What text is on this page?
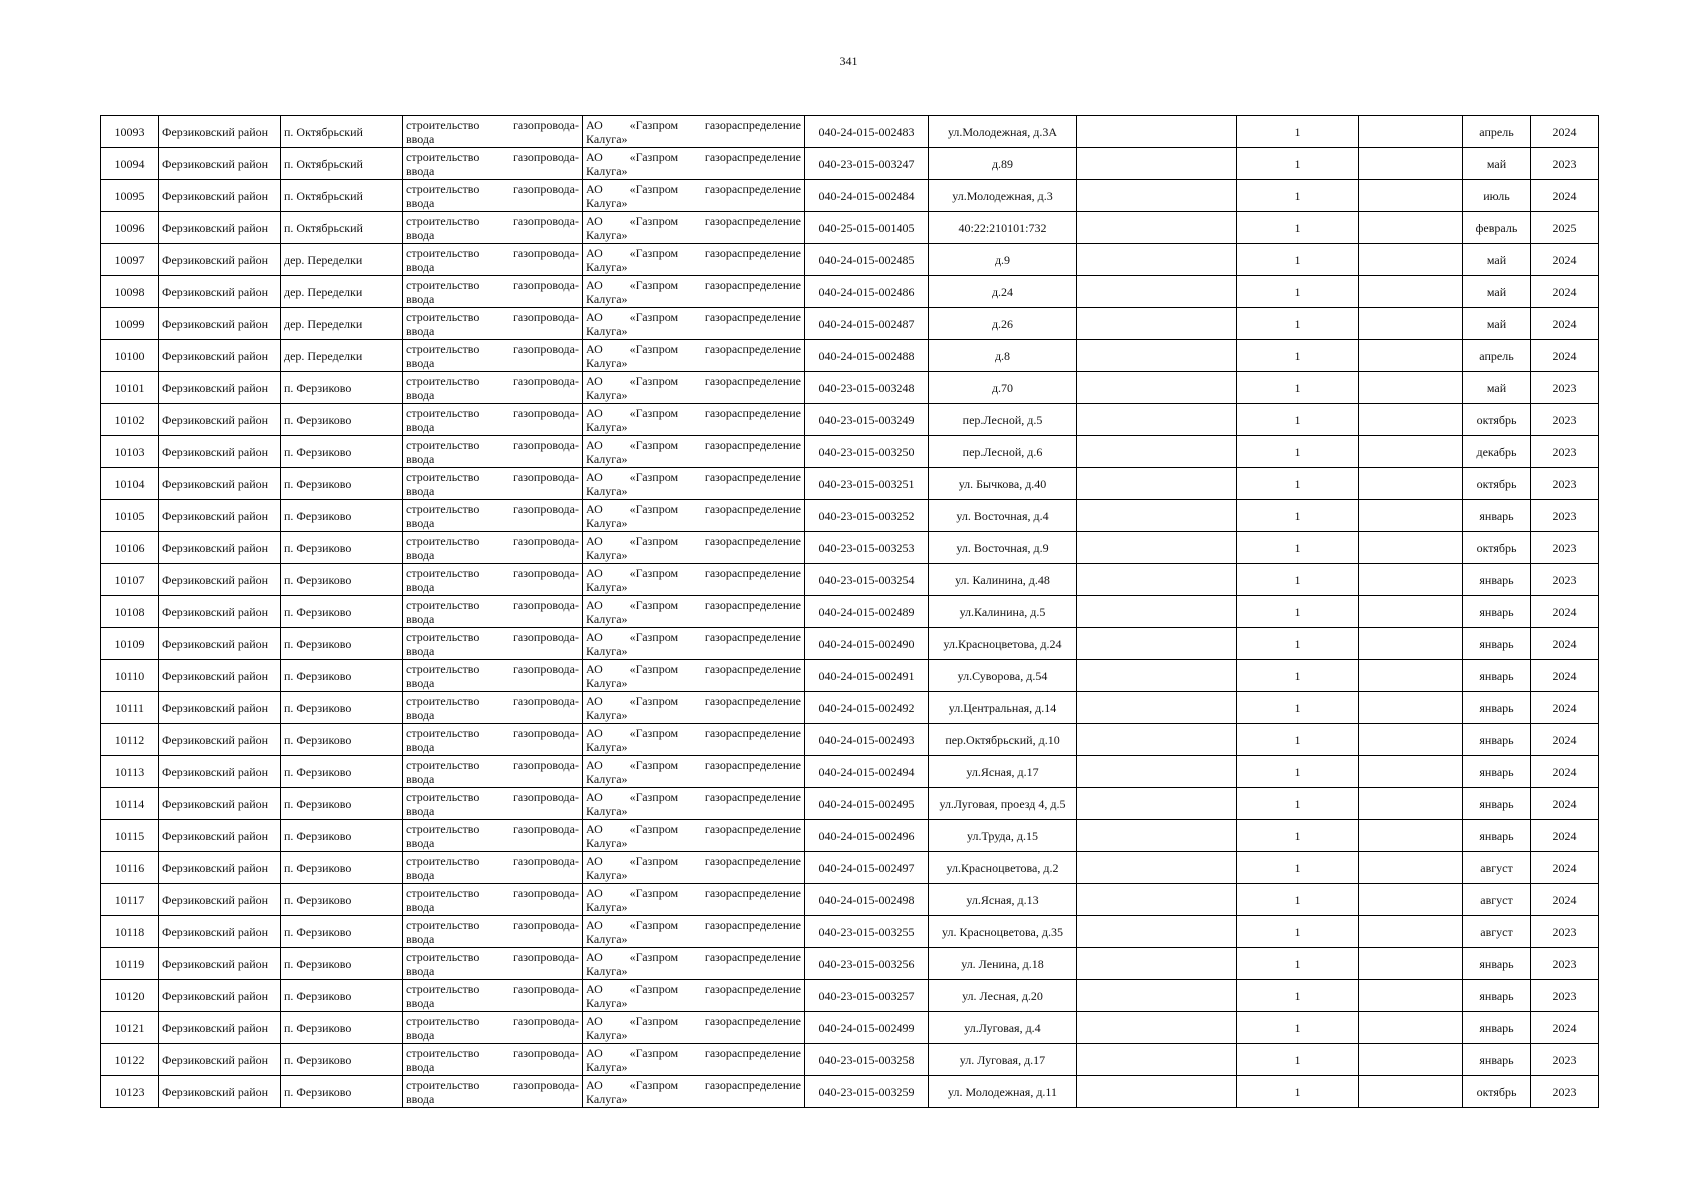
341
10093	Ферзиковский район	п. Октябрьский	строительство газопровода-
ввода	АО «Газпром газораспределение
Калуга»	040-24-015-002483	ул.Молодежная, д.3А		1		апрель	2024
10094	Ферзиковский район	п. Октябрьский	строительство газопровода-
ввода	АО «Газпром газораспределение
Калуга»	040-23-015-003247	д.89		1		май	2023
10095	Ферзиковский район	п. Октябрьский	строительство газопровода-
ввода	АО «Газпром газораспределение
Калуга»	040-24-015-002484	ул.Молодежная, д.3		1		июль	2024
10096	Ферзиковский район	п. Октябрьский	строительство газопровода-
ввода	АО «Газпром газораспределение
Калуга»	040-25-015-001405	40:22:210101:732		1		февраль	2025
10097	Ферзиковский район	дер. Переделки	строительство газопровода-
ввода	АО «Газпром газораспределение
Калуга»	040-24-015-002485	д.9		1		май	2024
10098	Ферзиковский район	дер. Переделки	строительство газопровода-
ввода	АО «Газпром газораспределение
Калуга»	040-24-015-002486	д.24		1		май	2024
10099	Ферзиковский район	дер. Переделки	строительство газопровода-
ввода	АО «Газпром газораспределение
Калуга»	040-24-015-002487	д.26		1		май	2024
10100	Ферзиковский район	дер. Переделки	строительство газопровода-
ввода	АО «Газпром газораспределение
Калуга»	040-24-015-002488	д.8		1		апрель	2024
10101	Ферзиковский район	п. Ферзиково	строительство газопровода-
ввода	АО «Газпром газораспределение
Калуга»	040-23-015-003248	д.70		1		май	2023
10102	Ферзиковский район	п. Ферзиково	строительство газопровода-
ввода	АО «Газпром газораспределение
Калуга»	040-23-015-003249	пер.Лесной, д.5		1		октябрь	2023
10103	Ферзиковский район	п. Ферзиково	строительство газопровода-
ввода	АО «Газпром газораспределение
Калуга»	040-23-015-003250	пер.Лесной, д.6		1		декабрь	2023
10104	Ферзиковский район	п. Ферзиково	строительство газопровода-
ввода	АО «Газпром газораспределение
Калуга»	040-23-015-003251	ул. Бычкова, д.40		1		октябрь	2023
10105	Ферзиковский район	п. Ферзиково	строительство газопровода-
ввода	АО «Газпром газораспределение
Калуга»	040-23-015-003252	ул. Восточная, д.4		1		январь	2023
10106	Ферзиковский район	п. Ферзиково	строительство газопровода-
ввода	АО «Газпром газораспределение
Калуга»	040-23-015-003253	ул. Восточная, д.9		1		октябрь	2023
10107	Ферзиковский район	п. Ферзиково	строительство газопровода-
ввода	АО «Газпром газораспределение
Калуга»	040-23-015-003254	ул. Калинина, д.48		1		январь	2023
10108	Ферзиковский район	п. Ферзиково	строительство газопровода-
ввода	АО «Газпром газораспределение
Калуга»	040-24-015-002489	ул.Калинина, д.5		1		январь	2024
10109	Ферзиковский район	п. Ферзиково	строительство газопровода-
ввода	АО «Газпром газораспределение
Калуга»	040-24-015-002490	ул.Красноцветова, д.24		1		январь	2024
10110	Ферзиковский район	п. Ферзиково	строительство газопровода-
ввода	АО «Газпром газораспределение
Калуга»	040-24-015-002491	ул.Суворова, д.54		1		январь	2024
10111	Ферзиковский район	п. Ферзиково	строительство газопровода-
ввода	АО «Газпром газораспределение
Калуга»	040-24-015-002492	ул.Центральная, д.14		1		январь	2024
10112	Ферзиковский район	п. Ферзиково	строительство газопровода-
ввода	АО «Газпром газораспределение
Калуга»	040-24-015-002493	пер.Октябрьский, д.10		1		январь	2024
10113	Ферзиковский район	п. Ферзиково	строительство газопровода-
ввода	АО «Газпром газораспределение
Калуга»	040-24-015-002494	ул.Ясная, д.17		1		январь	2024
10114	Ферзиковский район	п. Ферзиково	строительство газопровода-
ввода	АО «Газпром газораспределение
Калуга»	040-24-015-002495	ул.Луговая, проезд 4, д.5		1		январь	2024
10115	Ферзиковский район	п. Ферзиково	строительство газопровода-
ввода	АО «Газпром газораспределение
Калуга»	040-24-015-002496	ул.Труда, д.15		1		январь	2024
10116	Ферзиковский район	п. Ферзиково	строительство газопровода-
ввода	АО «Газпром газораспределение
Калуга»	040-24-015-002497	ул.Красноцветова, д.2		1		август	2024
10117	Ферзиковский район	п. Ферзиково	строительство газопровода-
ввода	АО «Газпром газораспределение
Калуга»	040-24-015-002498	ул.Ясная, д.13		1		август	2024
10118	Ферзиковский район	п. Ферзиково	строительство газопровода-
ввода	АО «Газпром газораспределение
Калуга»	040-23-015-003255	ул. Красноцветова, д.35		1		август	2023
10119	Ферзиковский район	п. Ферзиково	строительство газопровода-
ввода	АО «Газпром газораспределение
Калуга»	040-23-015-003256	ул. Ленина, д.18		1		январь	2023
10120	Ферзиковский район	п. Ферзиково	строительство газопровода-
ввода	АО «Газпром газораспределение
Калуга»	040-23-015-003257	ул. Лесная, д.20		1		январь	2023
10121	Ферзиковский район	п. Ферзиково	строительство газопровода-
ввода	АО «Газпром газораспределение
Калуга»	040-24-015-002499	ул.Луговая, д.4		1		январь	2024
10122	Ферзиковский район	п. Ферзиково	строительство газопровода-
ввода	АО «Газпром газораспределение
Калуга»	040-23-015-003258	ул. Луговая, д.17		1		январь	2023
10123	Ферзиковский район	п. Ферзиково	строительство газопровода-
ввода	АО «Газпром газораспределение
Калуга»	040-23-015-003259	ул. Молодежная, д.11		1		октябрь	2023
